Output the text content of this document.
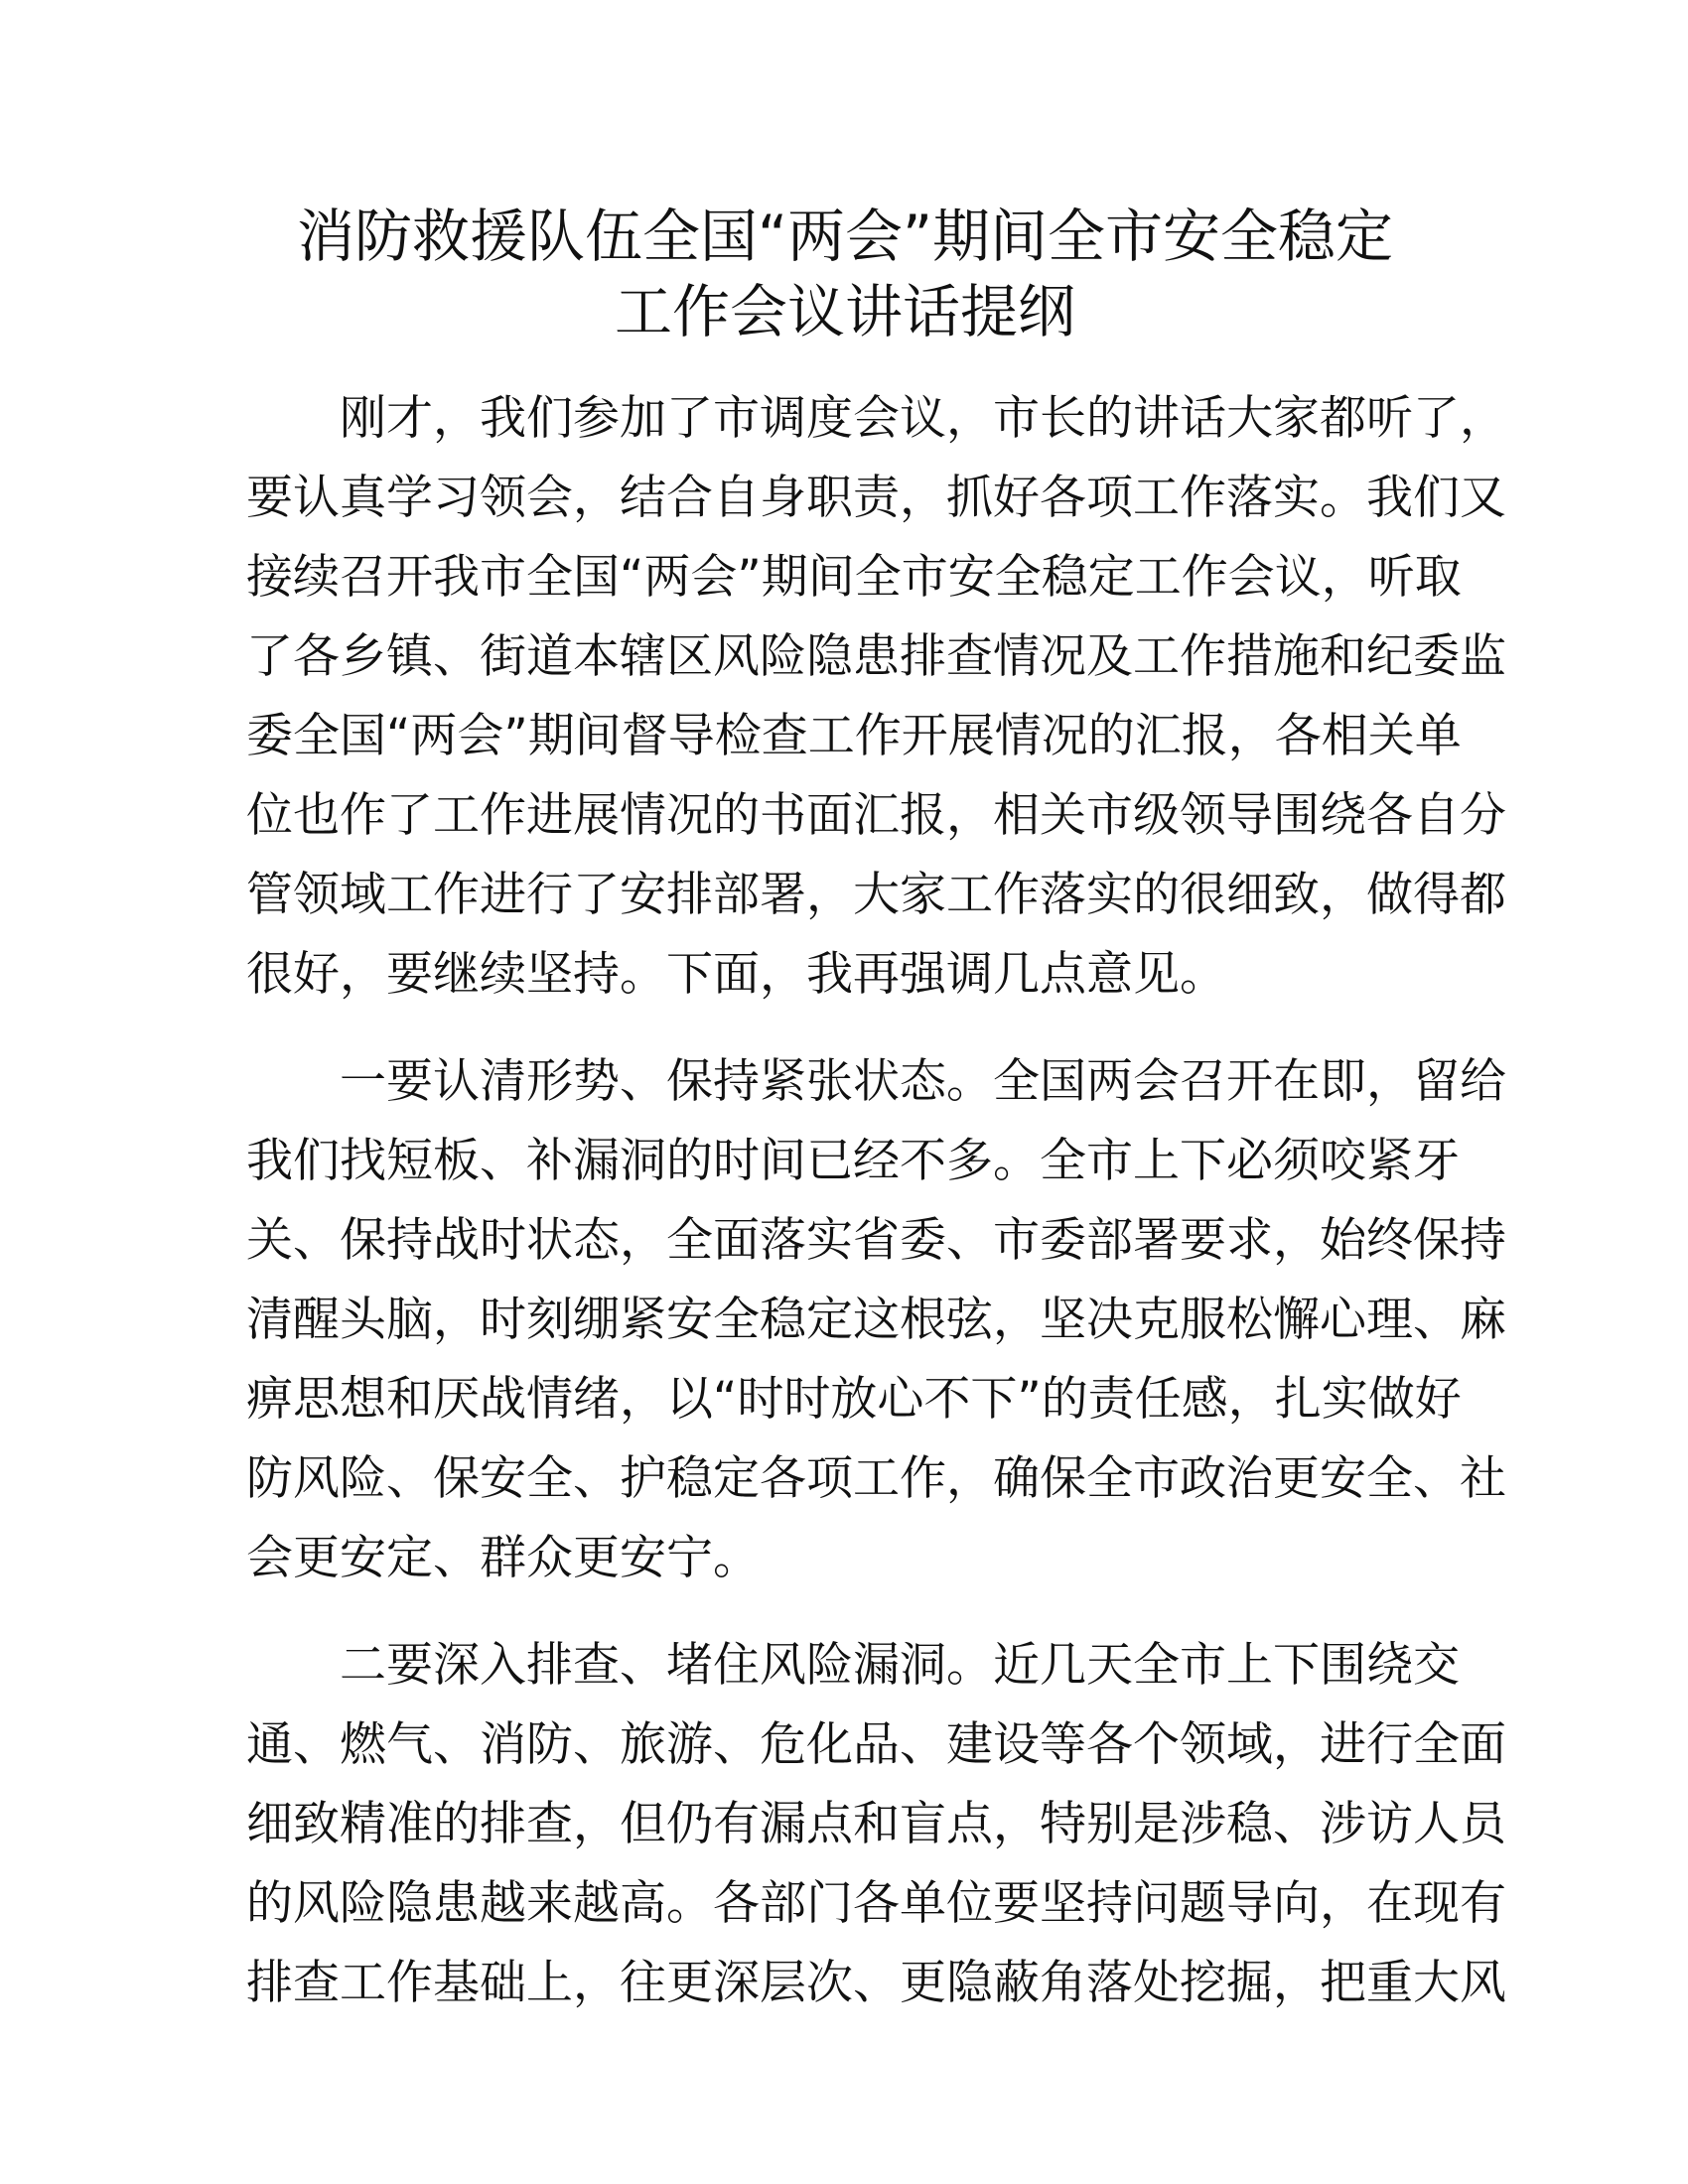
消防救援队伍全国“两会”期间全市安全稳定
工作会议讲话提纲
刚才，我们参加了市调度会议，市长的讲话大家都听了，
要认真学习领会，结合自身职责，抓好各项工作落实。我们又
接续召开我市全国“两会”期间全市安全稳定工作会议，听取
了各乡镇、街道本辖区风险隐患排查情况及工作措施和纪委监
委全国“两会”期间督导检查工作开展情况的汇报，各相关单
位也作了工作进展情况的书面汇报，相关市级领导围绕各自分
管领域工作进行了安排部署，大家工作落实的很细致，做得都
很好，要继续坚持。下面，我再强调几点意见。
一要认清形势、保持紧张状态。全国两会召开在即，留给
我们找短板、补漏洞的时间已经不多。全市上下必须咬紧牙
关、保持战时状态，全面落实省委、市委部署要求，始终保持
清醒头脑，时刻绷紧安全稳定这根弦，坚决克服松懈心理、麻
痹思想和厌战情绪，以“时时放心不下”的责任感，扎实做好
防风险、保安全、护稳定各项工作，确保全市政治更安全、社
会更安定、群众更安宁。
二要深入排查、堵住风险漏洞。近几天全市上下围绕交
通、燃气、消防、旅游、危化品、建设等各个领域，进行全面
细致精准的排查，但仍有漏点和盲点，特别是涉稳、涉访人员
的风险隐患越来越高。各部门各单位要坚持问题导向，在现有
排查工作基础上，往更深层次、更隐蔽角落处挖掘，把重大风
